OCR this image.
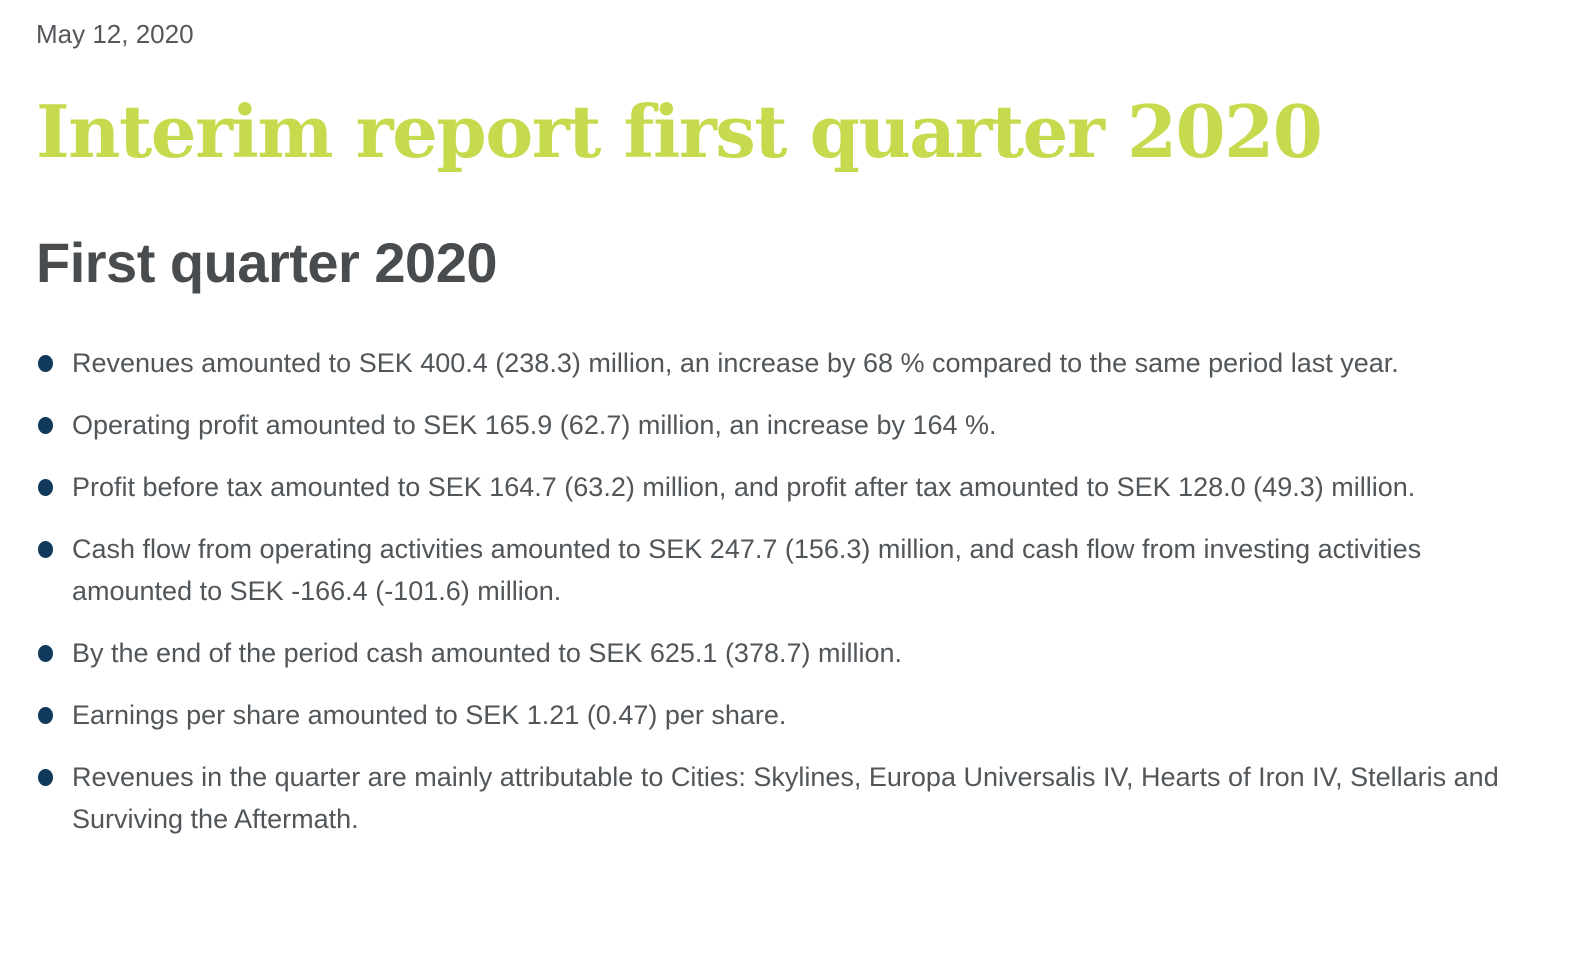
May 12, 2020

Interim report first quarter 2020
First quarter 2020
Revenues amounted to SEK 400.4 (238.3) million, an increase by 68 % compared to the same period last year.
Operating profit amounted to SEK 165.9 (62.7) million, an increase by 164 %.
Profit before tax amounted to SEK 164.7 (63.2) million, and profit after tax amounted to SEK 128.0 (49.3) million.
Cash flow from operating activities amounted to SEK 247.7 (156.3) million, and cash flow from investing activities amounted to SEK -166.4 (-101.6) million.
By the end of the period cash amounted to SEK 625.1 (378.7) million.
Earnings per share amounted to SEK 1.21 (0.47) per share.
Revenues in the quarter are mainly attributable to Cities: Skylines, Europa Universalis IV, Hearts of Iron IV, Stellaris and Surviving the Aftermath.
